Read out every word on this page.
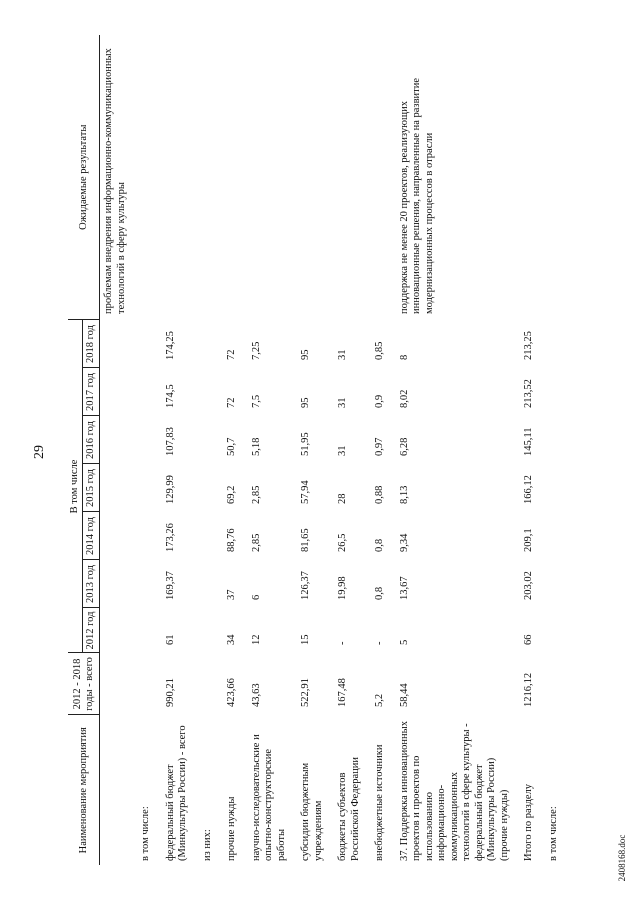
29
2408168.doc
Наименование мероприятия	2012 - 2018 годы - всего	В том числе							Ожидаемые результаты
		2012 год	2013 год	2014 год	2015 год	2016 год	2017 год	2018 год	
									проблемам внедрения информационно-коммуникационных технологий в сферу культуры
в том числе:									
федеральный бюджет (Минкультуры России) - всего	990,21	61	169,37	173,26	129,99	107,83	174,5	174,25	
из них:									
прочие нужды	423,66	34	37	88,76	69,2	50,7	72	72	
научно-исследовательские и опытно-конструкторские работы	43,63	12	6	2,85	2,85	5,18	7,5	7,25	
субсидии бюджетным учреждениям	522,91	15	126,37	81,65	57,94	51,95	95	95	
бюджеты субъектов Российской Федерации	167,48	-	19,98	26,5	28	31	31	31	
внебюджетные источники	5,2	-	0,8	0,8	0,88	0,97	0,9	0,85	
37. Поддержка инновационных проектов и проектов по использованию информационно-коммуникационных технологий в сфере культуры - федеральный бюджет (Минкультуры России) (прочие нужды)	58,44	5	13,67	9,34	8,13	6,28	8,02	8	поддержка не менее 20 проектов, реализующих инновационные решения, направленные на развитие модернизационных процессов в отрасли
Итого по разделу	1216,12	66	203,02	209,1	166,12	145,11	213,52	213,25	
в том числе:									
